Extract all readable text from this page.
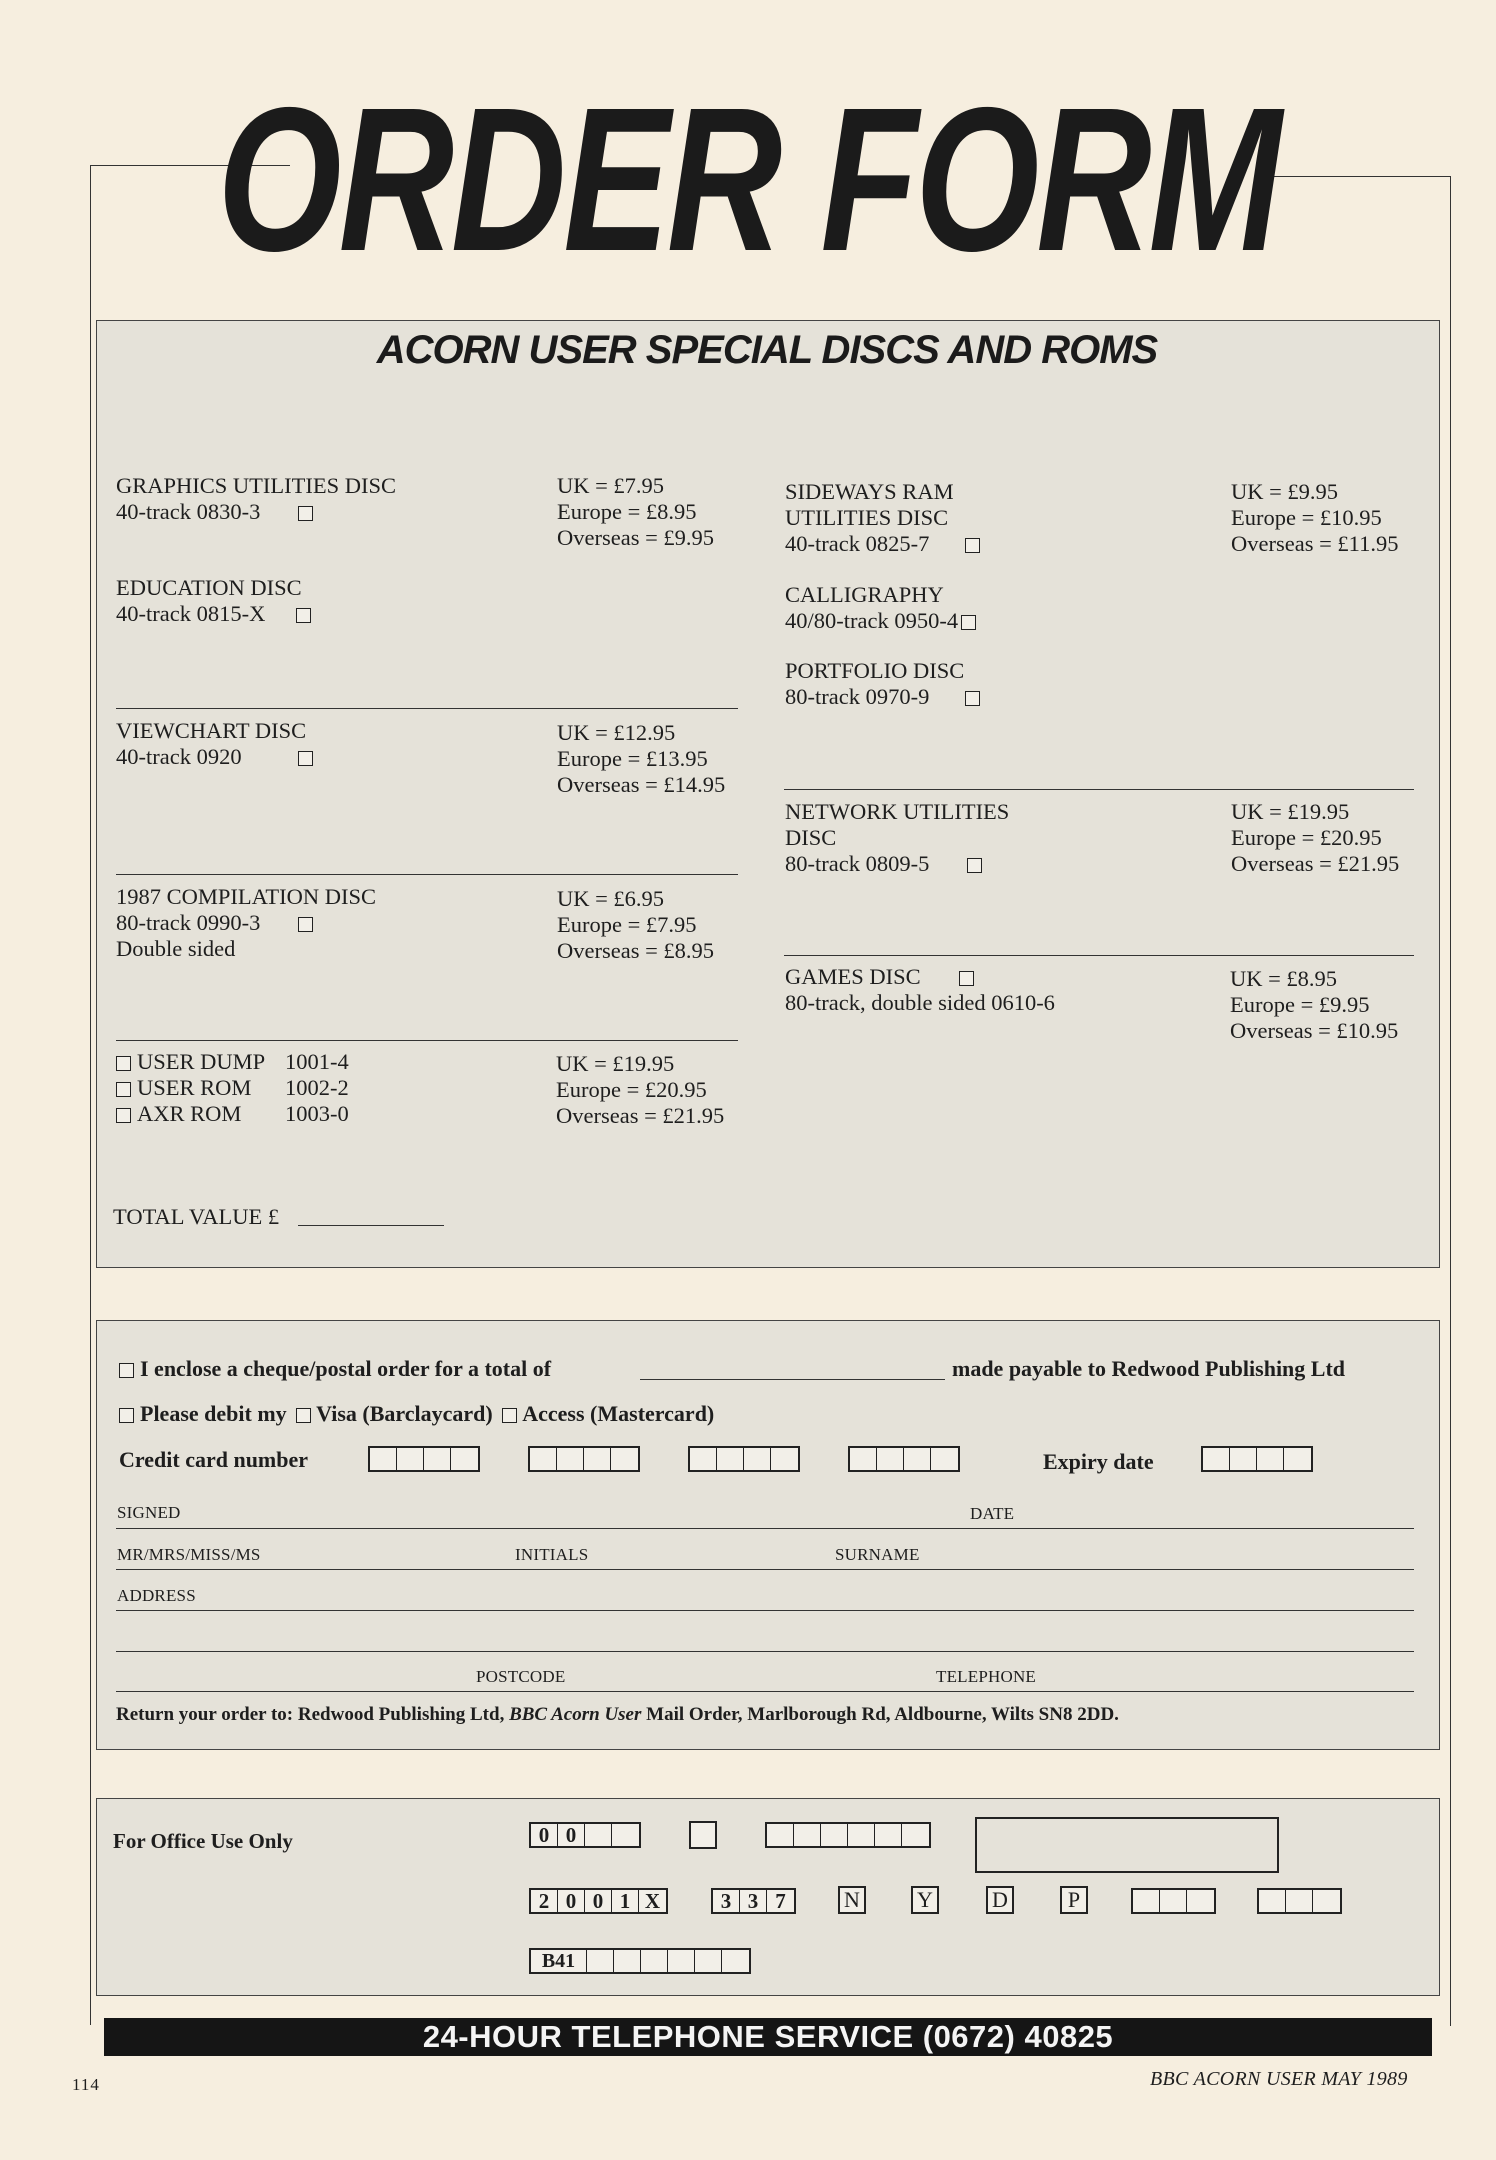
ORDER FORM
ACORN USER SPECIAL DISCS AND ROMS
GRAPHICS UTILITIES DISC
40-track 0830-3
UK = £7.95
Europe = £8.95
Overseas = £9.95
EDUCATION DISC
40-track 0815-X
VIEWCHART DISC
40-track 0920
UK = £12.95
Europe = £13.95
Overseas = £14.95
1987 COMPILATION DISC
80-track 0990-3
Double sided
UK = £6.95
Europe = £7.95
Overseas = £8.95
USER DUMP 1001-4
USER ROM 1002-2
AXR ROM 1003-0
UK = £19.95
Europe = £20.95
Overseas = £21.95
TOTAL VALUE £
SIDEWAYS RAM
UTILITIES DISC
40-track 0825-7
UK = £9.95
Europe = £10.95
Overseas = £11.95
CALLIGRAPHY
40/80-track 0950-4
PORTFOLIO DISC
80-track 0970-9
NETWORK UTILITIES
DISC
80-track 0809-5
UK = £19.95
Europe = £20.95
Overseas = £21.95
GAMES DISC
80-track, double sided 0610-6
UK = £8.95
Europe = £9.95
Overseas = £10.95
I enclose a cheque/postal order for a total of	made payable to Redwood Publishing Ltd
Please debit my Visa (Barclaycard) Access (Mastercard)
Credit card number	Expiry date
SIGNED	DATE
MR/MRS/MISS/MS	INITIALS	SURNAME
ADDRESS
POSTCODE	TELEPHONE
Return your order to: Redwood Publishing Ltd, BBC Acorn User Mail Order, Marlborough Rd, Aldbourne, Wilts SN8 2DD.
For Office Use Only	0 0
2 0 0 1 X	3 3 7	N	Y	D	P
B41
24-HOUR TELEPHONE SERVICE (0672) 40825
114	BBC ACORN USER MAY 1989
